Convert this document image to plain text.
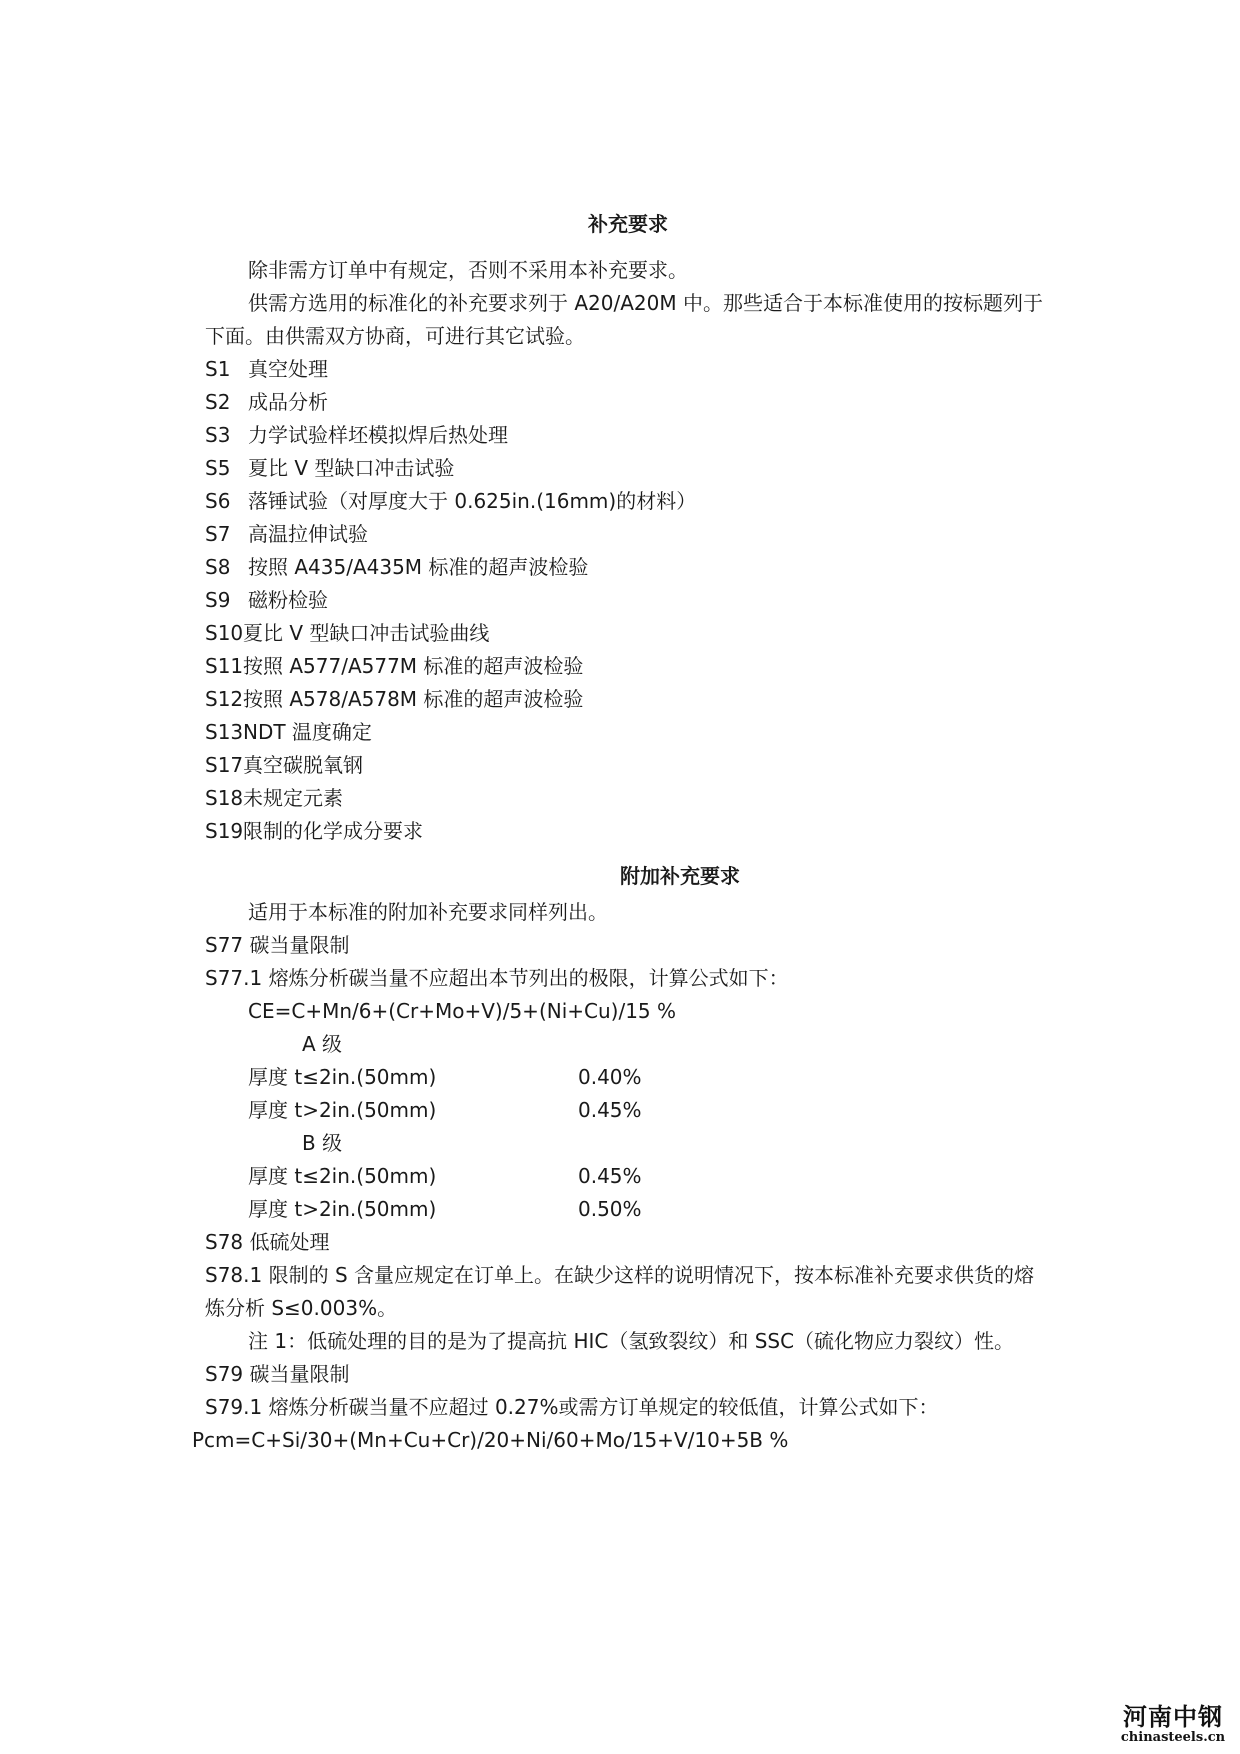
补充要求
除非需方订单中有规定，否则不采用本补充要求。
供需方选用的标准化的补充要求列于 A20/A20M 中。那些适合于本标准使用的按标题列于
下面。由供需双方协商，可进行其它试验。
S1 真空处理
S2 成品分析
S3 力学试验样坯模拟焊后热处理
S5 夏比 V 型缺口冲击试验
S6 落锤试验（对厚度大于 0.625in.(16mm)的材料）
S7 高温拉伸试验
S8 按照 A435/A435M 标准的超声波检验
S9 磁粉检验
S10 夏比 V 型缺口冲击试验曲线
S11 按照 A577/A577M 标准的超声波检验
S12 按照 A578/A578M 标准的超声波检验
S13 NDT 温度确定
S17 真空碳脱氧钢
S18 未规定元素
S19 限制的化学成分要求
附加补充要求
适用于本标准的附加补充要求同样列出。
S77 碳当量限制
S77.1 熔炼分析碳当量不应超出本节列出的极限，计算公式如下：
CE=C+Mn/6+(Cr+Mo+V)/5+(Ni+Cu)/15 %
A 级
厚度 t≤2in.(50mm)	0.40%
厚度 t>2in.(50mm)	0.45%
B 级
厚度 t≤2in.(50mm)	0.45%
厚度 t>2in.(50mm)	0.50%
S78 低硫处理
S78.1 限制的 S 含量应规定在订单上。在缺少这样的说明情况下，按本标准补充要求供货的熔
炼分析 S≤0.003%。
注 1：低硫处理的目的是为了提高抗 HIC（氢致裂纹）和 SSC（硫化物应力裂纹）性。
S79 碳当量限制
S79.1 熔炼分析碳当量不应超过 0.27%或需方订单规定的较低值，计算公式如下：
Pcm=C+Si/30+(Mn+Cu+Cr)/20+Ni/60+Mo/15+V/10+5B %
河南中钢
chinasteels.cn
